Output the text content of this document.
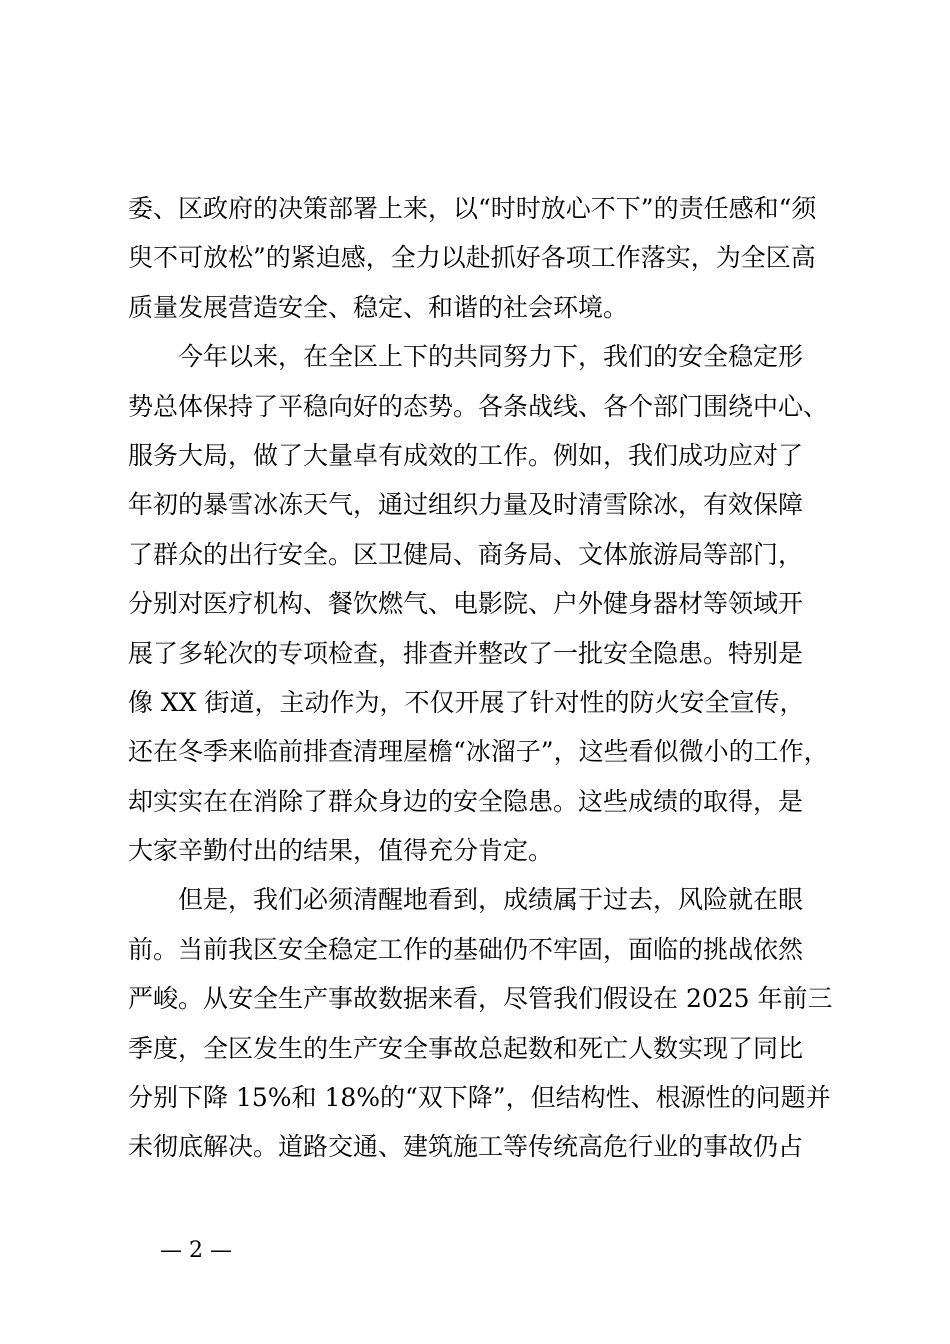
委、区政府的决策部署上来，以“时时放心不下”的责任感和“须
臾不可放松”的紧迫感，全力以赴抓好各项工作落实，为全区高
质量发展营造安全、稳定、和谐的社会环境。
今年以来，在全区上下的共同努力下，我们的安全稳定形
势总体保持了平稳向好的态势。各条战线、各个部门围绕中心、
服务大局，做了大量卓有成效的工作。例如，我们成功应对了
年初的暴雪冰冻天气，通过组织力量及时清雪除冰，有效保障
了群众的出行安全。区卫健局、商务局、文体旅游局等部门，
分别对医疗机构、餐饮燃气、电影院、户外健身器材等领域开
展了多轮次的专项检查，排查并整改了一批安全隐患。特别是
像 XX 街道，主动作为，不仅开展了针对性的防火安全宣传，
还在冬季来临前排查清理屋檐“冰溜子”，这些看似微小的工作，
却实实在在消除了群众身边的安全隐患。这些成绩的取得，是
大家辛勤付出的结果，值得充分肯定。
但是，我们必须清醒地看到，成绩属于过去，风险就在眼
前。当前我区安全稳定工作的基础仍不牢固，面临的挑战依然
严峻。从安全生产事故数据来看，尽管我们假设在 2025 年前三
季度，全区发生的生产安全事故总起数和死亡人数实现了同比
分别下降 15%和 18%的“双下降”，但结构性、根源性的问题并
未彻底解决。道路交通、建筑施工等传统高危行业的事故仍占
— 2 —
